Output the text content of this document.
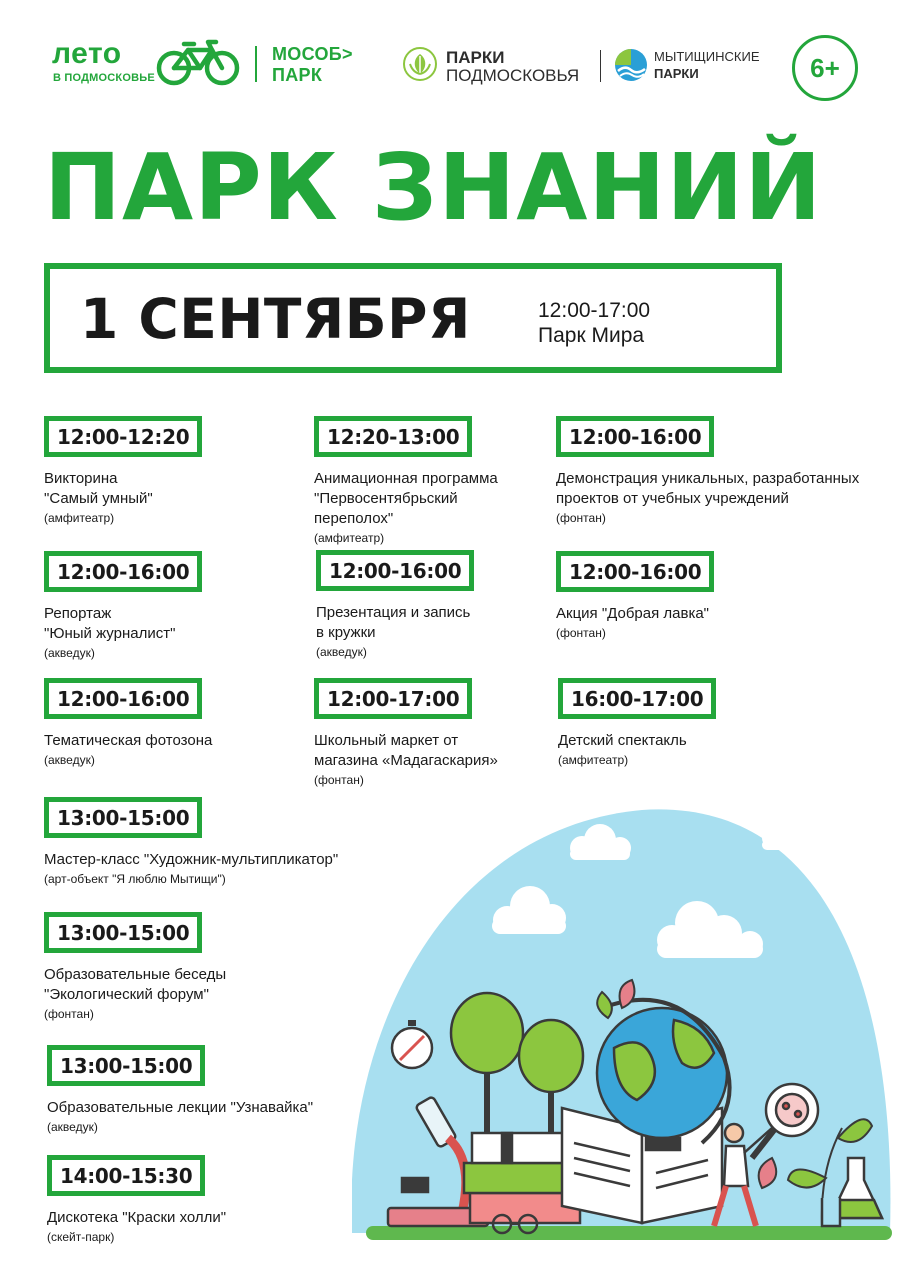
лето
В ПОДМОСКОВЬЕ
МОСОБ>
ПАРК
ПАРКИ
ПОДМОСКОВЬЯ
МЫТИЩИНСКИЕ
ПАРКИ	6+
ПАРК ЗНАНИЙ
1 СЕНТЯБРЯ	12:00-17:00
Парк Мира
12:00-12:20
Викторина
"Самый умный"
(амфитеатр)
12:00-16:00
Репортаж
"Юный журналист"
(акведук)
12:00-16:00
Тематическая фотозона
(акведук)
13:00-15:00
Мастер-класс "Художник-мультипликатор"
(арт-объект "Я люблю Мытищи")
13:00-15:00
Образовательные беседы
"Экологический форум"
(фонтан)
13:00-15:00
Образовательные лекции "Узнавайка"
(акведук)
14:00-15:30
Дискотека "Краски холли"
(скейт-парк)
12:20-13:00
Анимационная программа
"Первосентябрьский
переполох"
(амфитеатр)
12:00-16:00
Презентация и запись
в кружки
(акведук)
12:00-17:00
Школьный маркет от
магазина «Мадагаскария»
(фонтан)
12:00-16:00
Демонстрация уникальных, разработанных
проектов от учебных учреждений
(фонтан)
12:00-16:00
Акция "Добрая лавка"
(фонтан)
16:00-17:00
Детский спектакль
(амфитеатр)
